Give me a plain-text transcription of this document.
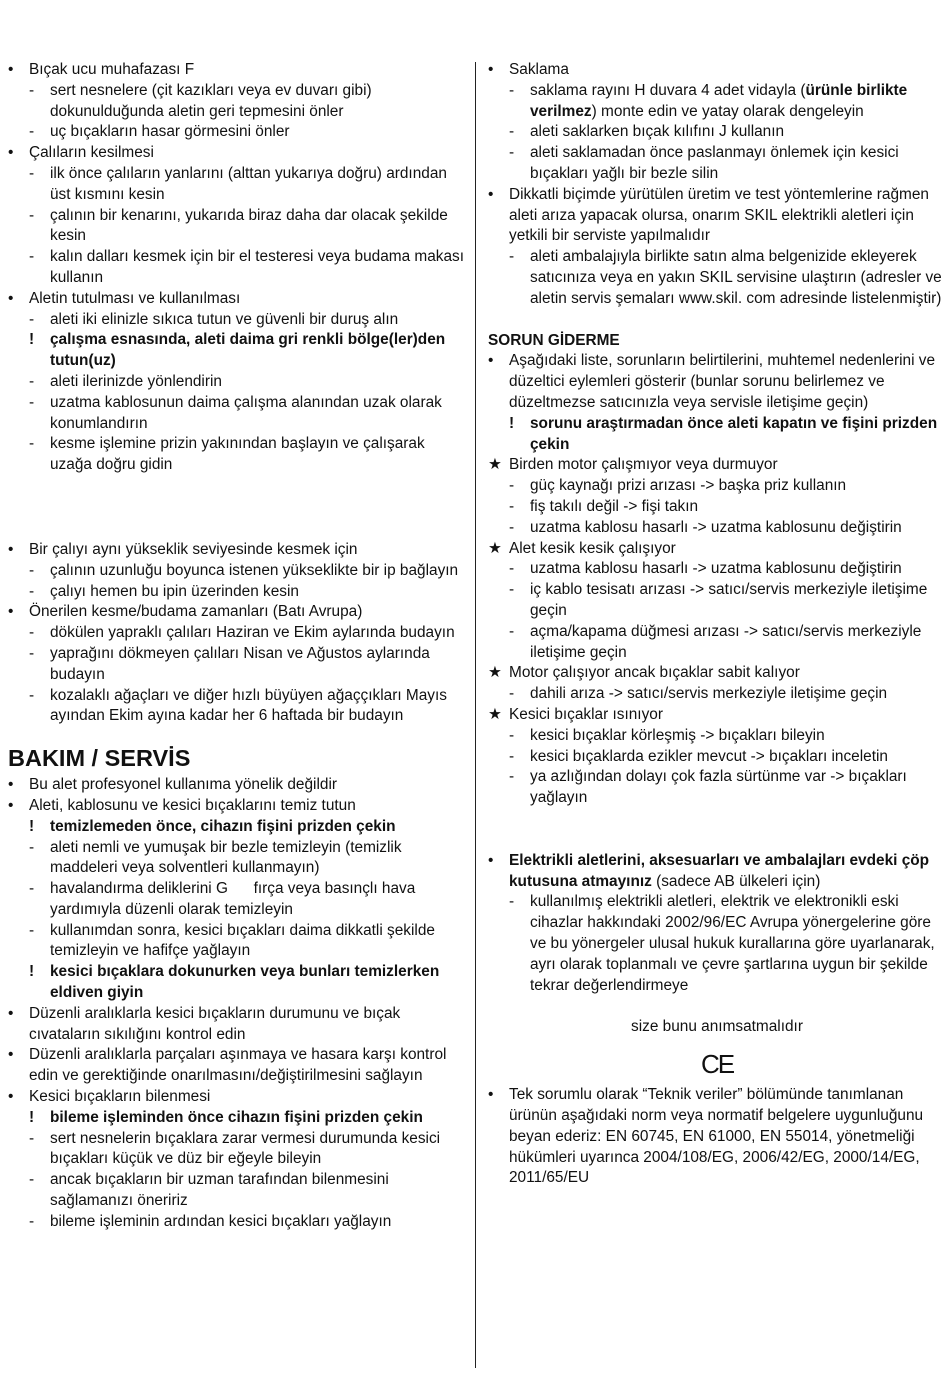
• Bıçak ucu muhafazası F
- sert nesnelere (çit kazıkları veya ev duvarı gibi) dokunulduğunda aletin geri tepmesini önler
- uç bıçakların hasar görmesini önler
• Çalıların kesilmesi
- ilk önce çalıların yanlarını (alttan yukarıya doğru) ardından üst kısmını kesin
- çalının bir kenarını, yukarıda biraz daha dar olacak şekilde kesin
- kalın dalları kesmek için bir el testeresi veya budama makası kullanın
• Aletin tutulması ve kullanılması
- aleti iki elinizle sıkıca tutun ve güvenli bir duruş alın
! çalışma esnasında, aleti daima gri renkli bölge(ler)den tutun(uz)
- aleti ilerinizde yönlendirin
- uzatma kablosunun daima çalışma alanından uzak olarak konumlandırın
- kesme işlemine prizin yakınından başlayın ve çalışarak uzağa doğru gidin
• Bir çalıyı aynı yükseklik seviyesinde kesmek için
- çalının uzunluğu boyunca istenen yükseklikte bir ip bağlayın
- çalıyı hemen bu ipin üzerinden kesin
• Önerilen kesme/budama zamanları (Batı Avrupa)
- dökülen yapraklı çalıları Haziran ve Ekim aylarında budayın
- yaprağını dökmeyen çalıları Nisan ve Ağustos aylarında budayın
- kozalaklı ağaçları ve diğer hızlı büyüyen ağaççıkları Mayıs ayından Ekim ayına kadar her 6 haftada bir budayın
BAKIM / SERVİS
• Bu alet profesyonel kullanıma yönelik değildir
• Aleti, kablosunu ve kesici bıçaklarını temiz tutun
! temizlemeden önce, cihazın fişini prizden çekin
- aleti nemli ve yumuşak bir bezle temizleyin (temizlik maddeleri veya solventleri kullanmayın)
- havalandırma deliklerini G      fırça veya basınçlı hava yardımıyla düzenli olarak temizleyin
- kullanımdan sonra, kesici bıçakları daima dikkatli şekilde temizleyin ve hafifçe yağlayın
! kesici bıçaklara dokunurken veya bunları temizlerken eldiven giyin
• Düzenli aralıklarla kesici bıçakların durumunu ve bıçak cıvataların sıkılığını kontrol edin
• Düzenli aralıklarla parçaları aşınmaya ve hasara karşı kontrol edin ve gerektiğinde onarılmasını/değiştirilmesini sağlayın
• Kesici bıçakların bilenmesi
! bileme işleminden önce cihazın fişini prizden çekin
- sert nesnelerin bıçaklara zarar vermesi durumunda kesici bıçakları küçük ve düz bir eğeyle bileyin
- ancak bıçakların bir uzman tarafından bilenmesini sağlamanızı öneririz
- bileme işleminin ardından kesici bıçakları yağlayın
• Saklama
- saklama rayını H duvara 4 adet vidayla (ürünle birlikte verilmez) monte edin ve yatay olarak dengeleyin
- aleti saklarken bıçak kılıfını J kullanın
- aleti saklamadan önce paslanmayı önlemek için kesici bıçakları yağlı bir bezle silin
• Dikkatli biçimde yürütülen üretim ve test yöntemlerine rağmen aleti arıza yapacak olursa, onarım SKIL elektrikli aletleri için yetkili bir serviste yapılmalıdır
- aleti ambalajıyla birlikte satın alma belgenizide ekleyerek satıcınıza veya en yakın SKIL servisine ulaştırın (adresler ve aletin servis şemaları www.skil. com adresinde listelenmiştir)
SORUN GİDERME
• Aşağıdaki liste, sorunların belirtilerini, muhtemel nedenlerini ve düzeltici eylemleri gösterir (bunlar sorunu belirlemez ve düzeltmezse satıcınızla veya servisle iletişime geçin)
! sorunu araştırmadan önce aleti kapatın ve fişini prizden çekin
★ Birden motor çalışmıyor veya durmuyor
- güç kaynağı prizi arızası -> başka priz kullanın
- fiş takılı değil -> fişi takın
- uzatma kablosu hasarlı -> uzatma kablosunu değiştirin
★ Alet kesik kesik çalışıyor
- uzatma kablosu hasarlı -> uzatma kablosunu değiştirin
- iç kablo tesisatı arızası -> satıcı/servis merkeziyle iletişime geçin
- açma/kapama düğmesi arızası -> satıcı/servis merkeziyle iletişime geçin
★ Motor çalışıyor ancak bıçaklar sabit kalıyor
- dahili arıza -> satıcı/servis merkeziyle iletişime geçin
★ Kesici bıçaklar ısınıyor
- kesici bıçaklar körleşmiş -> bıçakları bileyin
- kesici bıçaklarda ezikler mevcut -> bıçakları inceletin
- ya azlığından dolayı çok fazla sürtünme var -> bıçakları yağlayın
• Elektrikli aletlerini, aksesuarları ve ambalajları evdeki çöp kutusuna atmayınız (sadece AB ülkeleri için)
- kullanılmış elektrikli aletleri, elektrik ve elektronikli eski cihazlar hakkındaki 2002/96/EC Avrupa yönergelerine göre ve bu yönergeler ulusal hukuk kurallarına göre uyarlanarak, ayrı olarak toplanmalı ve çevre şartlarına uygun bir şekilde tekrar değerlendirmeye
size bunu anımsatmalıdır
CE
• Tek sorumlu olarak “Teknik veriler” bölümünde tanımlanan ürünün aşağıdaki norm veya normatif belgelere uygunluğunu beyan ederiz: EN 60745, EN 61000, EN 55014, yönetmeliği hükümleri uyarınca 2004/108/EG, 2006/42/EG, 2000/14/EG, 2011/65/EU
